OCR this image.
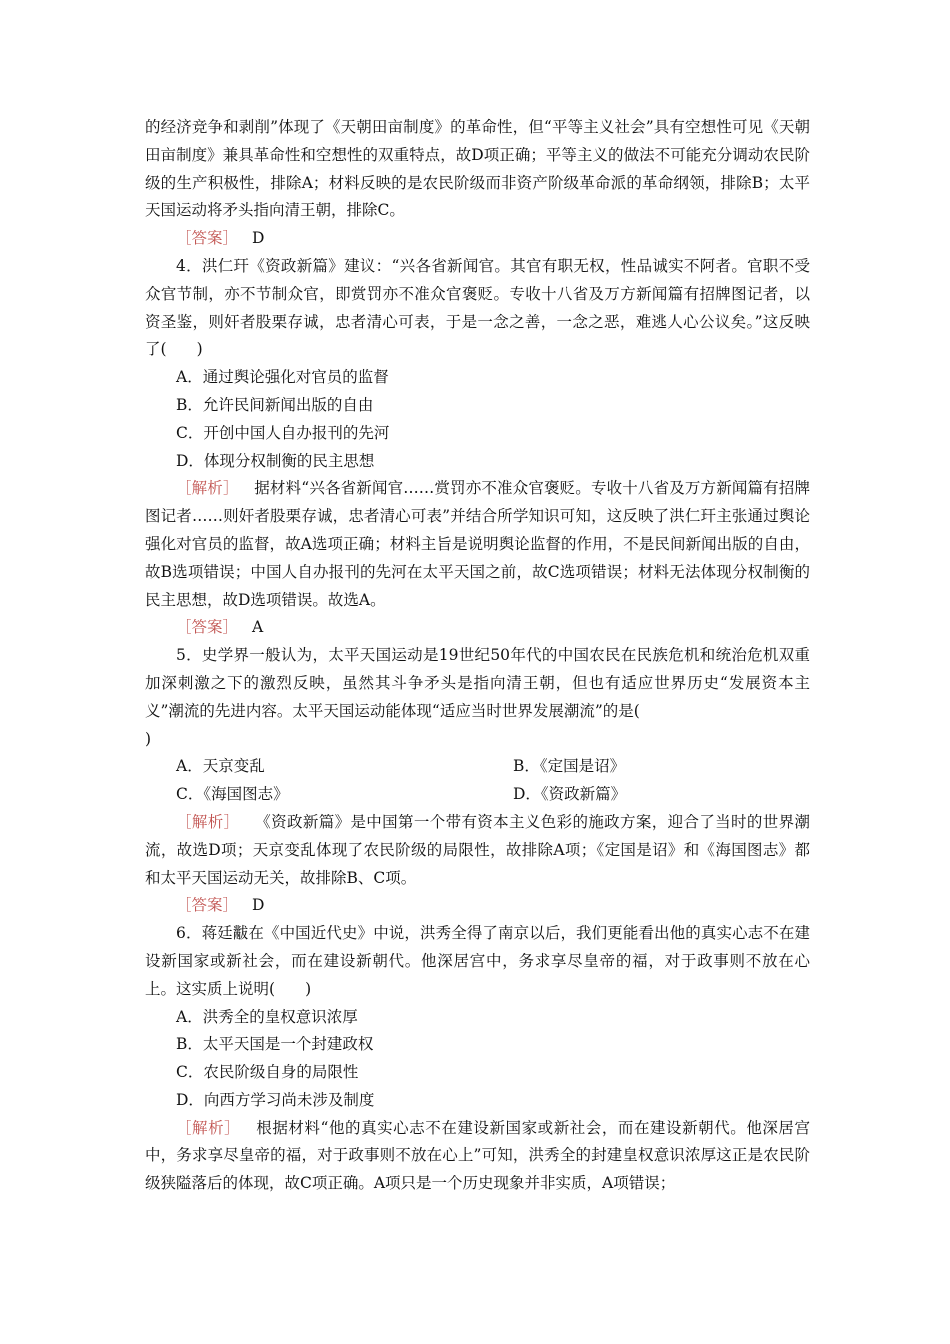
的经济竞争和剥削”体现了《天朝田亩制度》的革命性，但“平等主义社会”具有空想性可见《天朝田亩制度》兼具革命性和空想性的双重特点，故D项正确；平等主义的做法不可能充分调动农民阶级的生产积极性，排除A；材料反映的是农民阶级而非资产阶级革命派的革命纲领，排除B；太平天国运动将矛头指向清王朝，排除C。

［答案］ D

4．洪仁玕《资政新篇》建议：“兴各省新闻官。其官有职无权，性品诚实不阿者。官职不受众官节制，亦不节制众官，即赏罚亦不准众官褒贬。专收十八省及万方新闻篇有招牌图记者，以资圣鉴，则奸者股栗存诚，忠者清心可表，于是一念之善，一念之恶，难逃人心公议矣。”这反映了( )

A．通过舆论强化对官员的监督

B．允许民间新闻出版的自由

C．开创中国人自办报刊的先河

D．体现分权制衡的民主思想

［解析］  据材料“兴各省新闻官……赏罚亦不准众官褒贬。专收十八省及万方新闻篇有招牌图记者……则奸者股栗存诚，忠者清心可表”并结合所学知识可知，这反映了洪仁玕主张通过舆论强化对官员的监督，故A选项正确；材料主旨是说明舆论监督的作用，不是民间新闻出版的自由，故B选项错误；中国人自办报刊的先河在太平天国之前，故C选项错误；材料无法体现分权制衡的民主思想，故D选项错误。故选A。

［答案］ A

5．史学界一般认为，太平天国运动是19世纪50年代的中国农民在民族危机和统治危机双重加深刺激之下的激烈反映，虽然其斗争矛头是指向清王朝，但也有适应世界历史“发展资本主义”潮流的先进内容。太平天国运动能体现“适应当时世界发展潮流”的是(
)

A．天京变乱	B．《定国是诏》
C．《海国图志》	D．《资政新篇》

［解析］  《资政新篇》是中国第一个带有资本主义色彩的施政方案，迎合了当时的世界潮流，故选D项；天京变乱体现了农民阶级的局限性，故排除A项；《定国是诏》和《海国图志》都和太平天国运动无关，故排除B、C项。

［答案］ D

6．蒋廷黻在《中国近代史》中说，洪秀全得了南京以后，我们更能看出他的真实心志不在建设新国家或新社会，而在建设新朝代。他深居宫中，务求享尽皇帝的福，对于政事则不放在心上。这实质上说明( )

A．洪秀全的皇权意识浓厚

B．太平天国是一个封建政权

C．农民阶级自身的局限性

D．向西方学习尚未涉及制度

［解析］  根据材料“他的真实心志不在建设新国家或新社会，而在建设新朝代。他深居宫中，务求享尽皇帝的福，对于政事则不放在心上”可知，洪秀全的封建皇权意识浓厚这正是农民阶级狭隘落后的体现，故C项正确。A项只是一个历史现象并非实质，A项错误；
